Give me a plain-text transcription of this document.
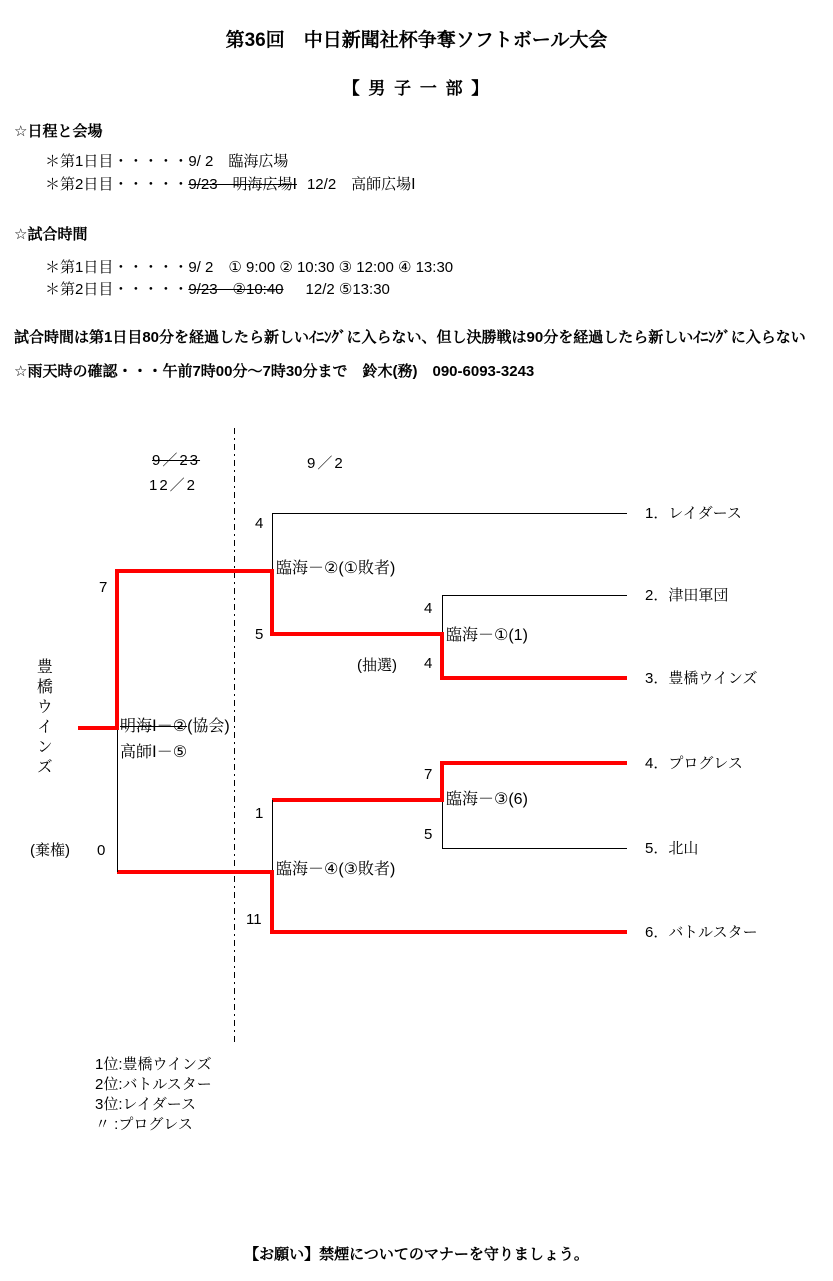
第36回　中日新聞社杯争奪ソフトボール大会
【 男 子 一 部 】
☆日程と会場
＊第1日目・・・・・9/ 2　臨海広場
＊第2日目・・・・・9/23　明海広場Ⅰ 12/2　高師広場Ⅰ
☆試合時間
＊第1日目・・・・・9/ 2　① 9:00 ② 10:30 ③ 12:00 ④ 13:30
＊第2日目・・・・・9/23　②10:40 12/2 ⑤13:30
試合時間は第1日目80分を経過したら新しいｲﾆﾝｸﾞに入らない、但し決勝戦は90分を経過したら新しいｲﾆﾝｸﾞに入らない
☆雨天時の確認・・・午前7時00分～7時30分まで　鈴木(務)　090-6093-3243
9／23
12／2
9／2
1．レイダース
2．津田軍団
3．豊橋ウインズ
4．プログレス
5．北山
6．バトルスター
臨海－②(①敗者)
臨海－①(1)
臨海－③(6)
臨海－④(③敗者)
明海Ⅰ－②(協会)
高師Ⅰ－⑤
4
5
4
4
(抽選)
7
5
1
11
7
0
(棄権)
豊橋ウインズ
1位:豊橋ウインズ
2位:バトルスター
3位:レイダース
〃 :プログレス
【お願い】禁煙についてのマナーを守りましょう。
